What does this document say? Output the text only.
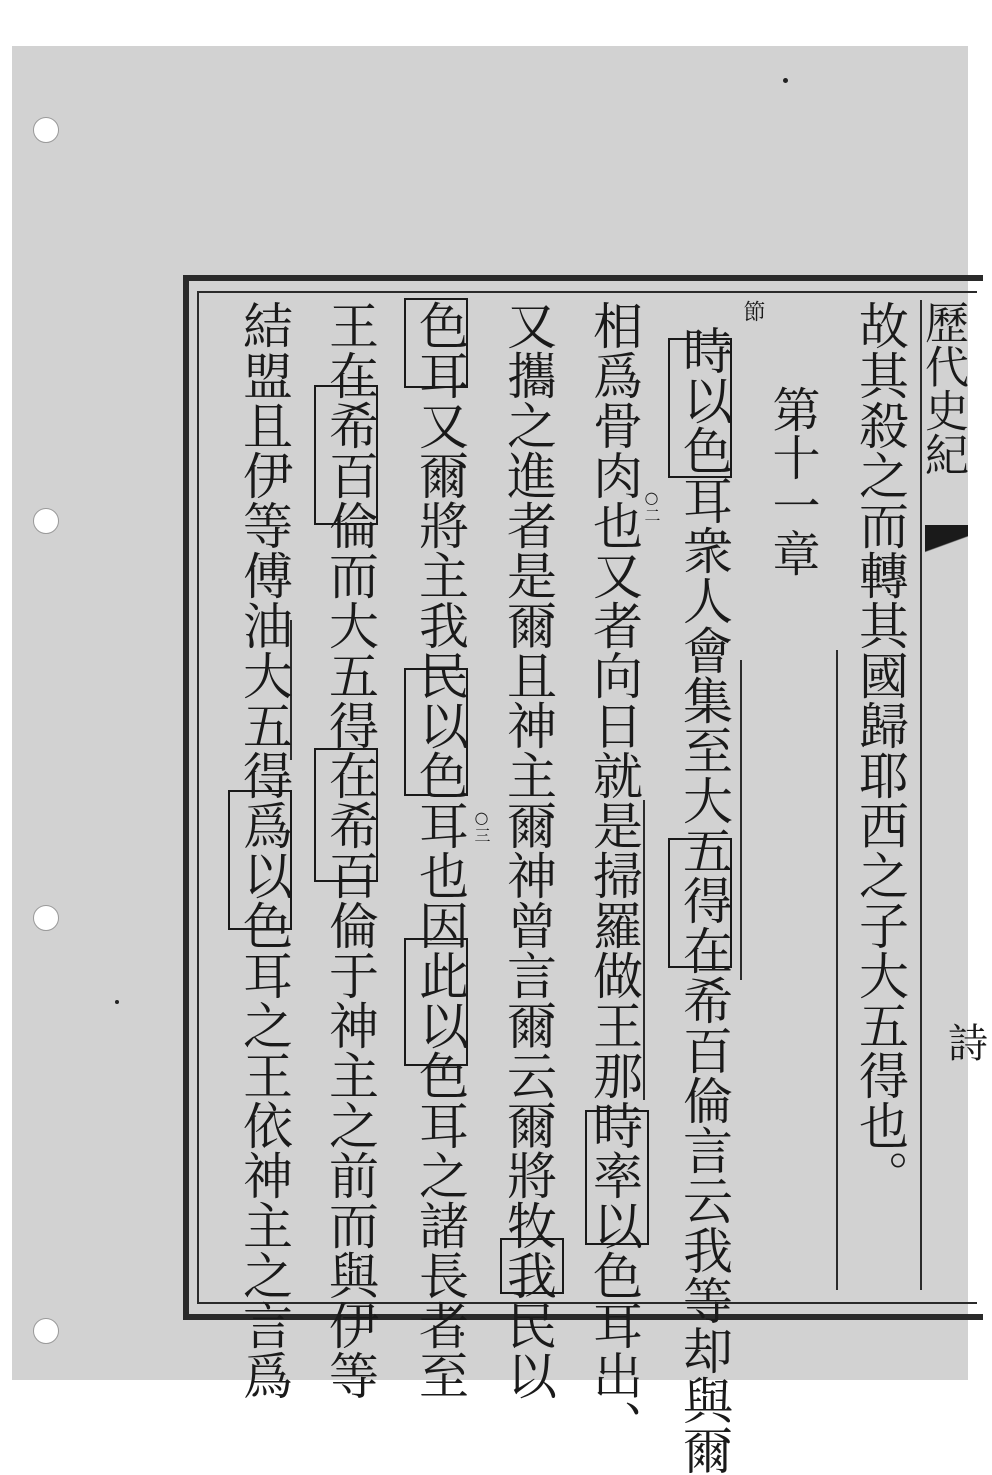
歷代史紀
詩
故其殺之而轉其國歸耶西之子大五得也。
時以色耳衆人會集至大五得在希百倫言云我等却與爾
相爲骨肉也又者向日就是掃羅做王那時率以色耳出、
又攜之進者是爾且神主爾神曾言爾云爾將牧我民以
色耳又爾將主我民以色耳也因此以色耳之諸長者至
王在希百倫而大五得在希百倫于神主之前而與伊等
結盟且伊等傅油大五得爲以色耳之王依神主之言爲	第十一章
節
○二
○三
